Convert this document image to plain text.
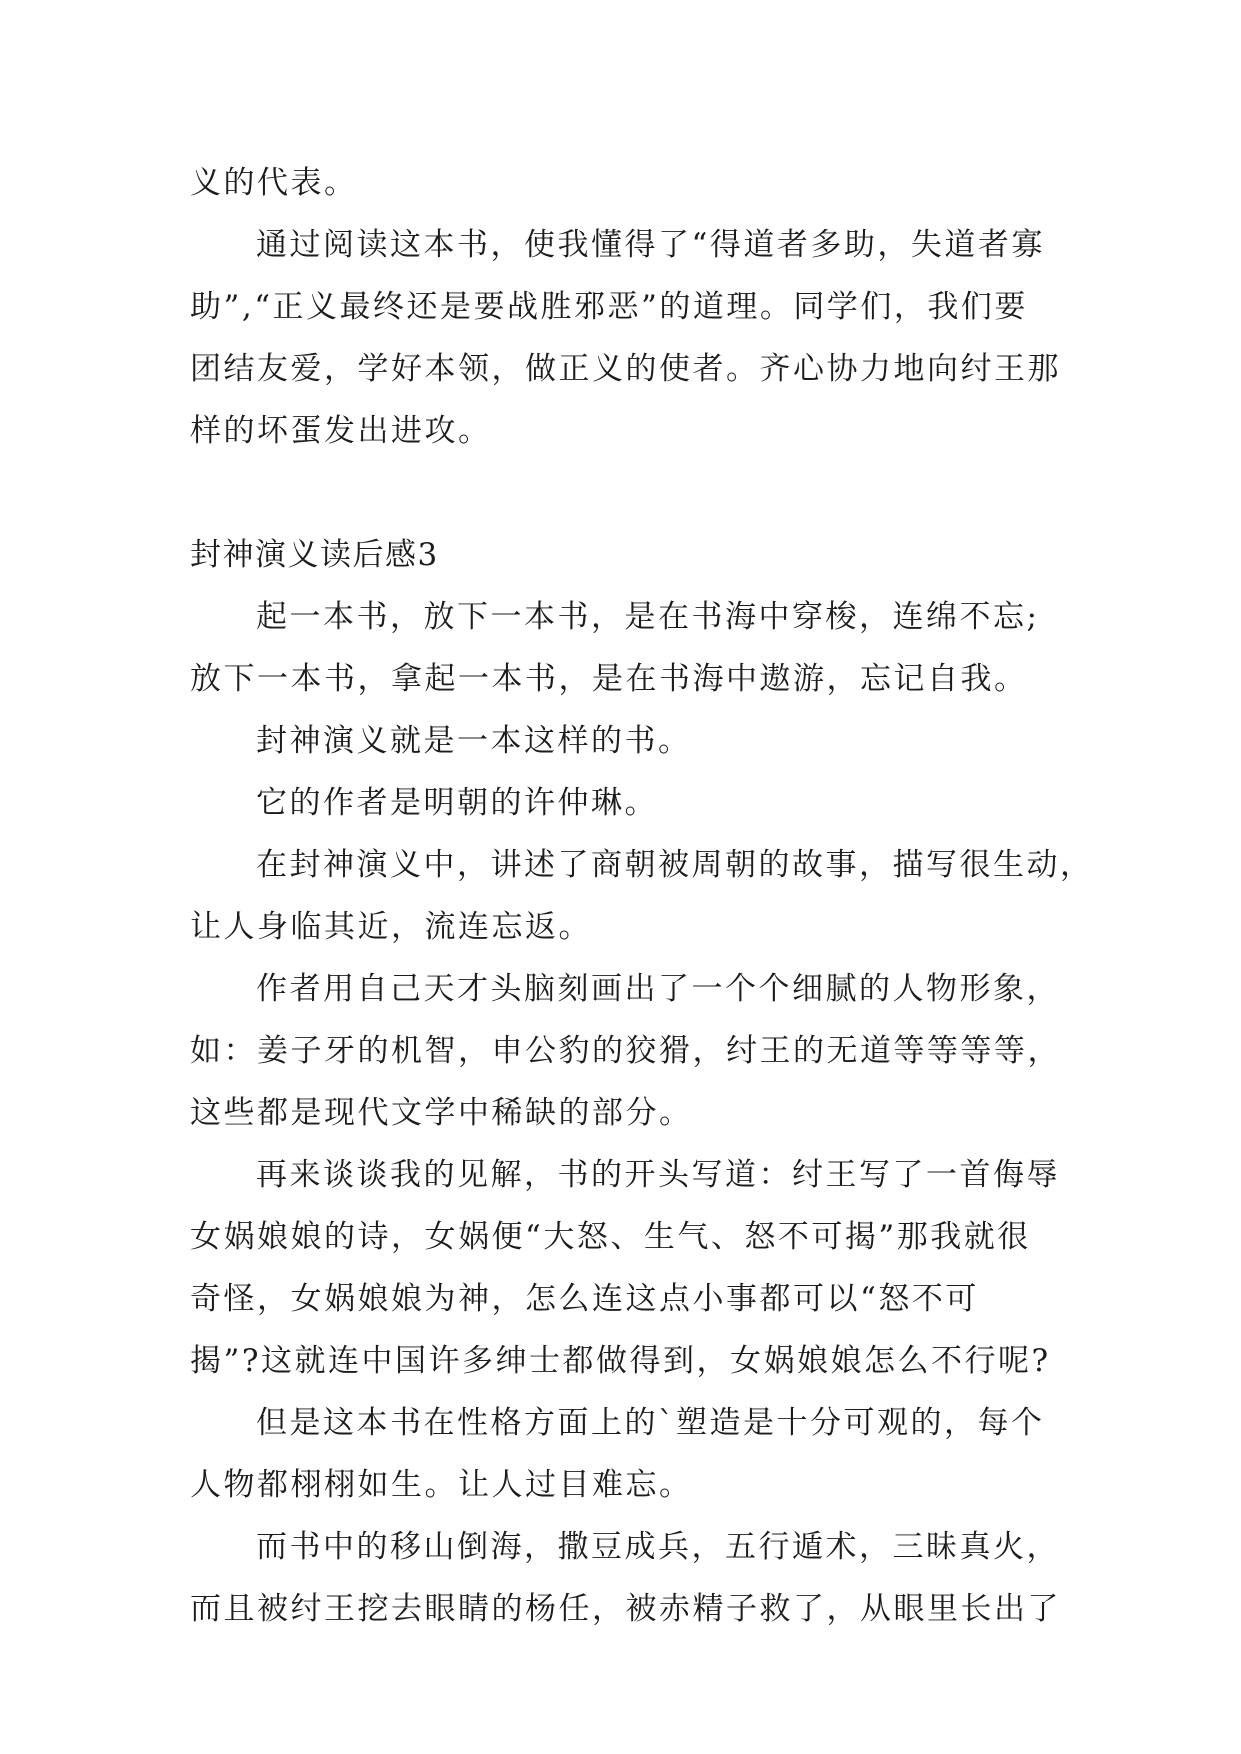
义的代表。
通过阅读这本书，使我懂得了“得道者多助，失道者寡
助”,“正义最终还是要战胜邪恶”的道理。同学们，我们要
团结友爱，学好本领，做正义的使者。齐心协力地向纣王那
样的坏蛋发出进攻。
封神演义读后感3
起一本书，放下一本书，是在书海中穿梭，连绵不忘;
放下一本书，拿起一本书，是在书海中遨游，忘记自我。
封神演义就是一本这样的书。
它的作者是明朝的许仲琳。
在封神演义中，讲述了商朝被周朝的故事，描写很生动，
让人身临其近，流连忘返。
作者用自己天才头脑刻画出了一个个细腻的人物形象，
如：姜子牙的机智，申公豹的狡猾，纣王的无道等等等等，
这些都是现代文学中稀缺的部分。
再来谈谈我的见解，书的开头写道：纣王写了一首侮辱
女娲娘娘的诗，女娲便“大怒、生气、怒不可揭”那我就很
奇怪，女娲娘娘为神，怎么连这点小事都可以“怒不可
揭”?这就连中国许多绅士都做得到，女娲娘娘怎么不行呢?
但是这本书在性格方面上的`塑造是十分可观的，每个
人物都栩栩如生。让人过目难忘。
而书中的移山倒海，撒豆成兵，五行遁术，三昧真火，
而且被纣王挖去眼睛的杨任，被赤精子救了，从眼里长出了
